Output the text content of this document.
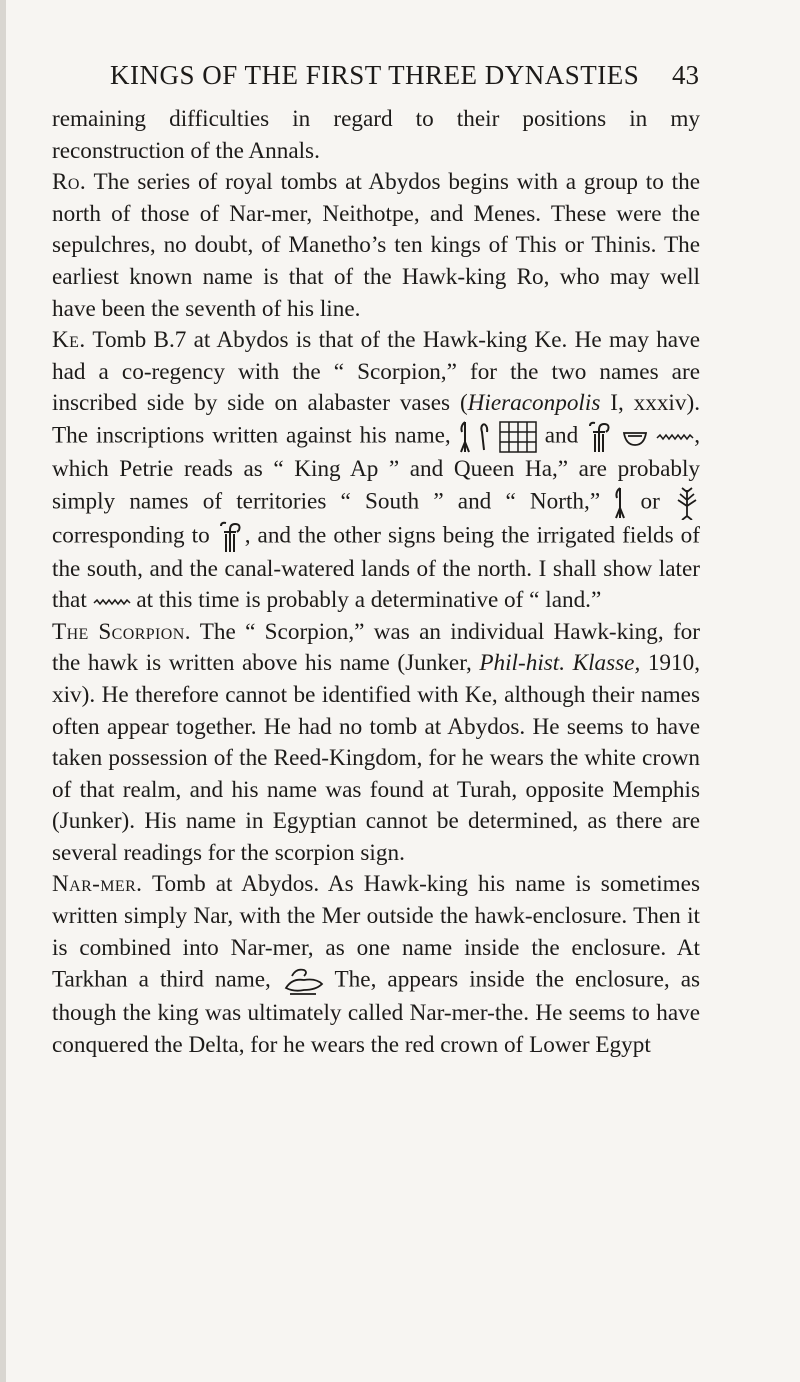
KINGS OF THE FIRST THREE DYNASTIES 43

remaining difficulties in regard to their positions in my reconstruction of the Annals.

Ro. The series of royal tombs at Abydos begins with a group to the north of those of Nar-mer, Neithotpe, and Menes. These were the sepulchres, no doubt, of Manetho’s ten kings of This or Thinis. The earliest known name is that of the Hawk-king Ro, who may well have been the seventh of his line.

Ke. Tomb B.7 at Abydos is that of the Hawk-king Ke. He may have had a co-regency with the “ Scorpion,” for the two names are inscribed side by side on alabaster vases (Hieraconpolis I, xxxiv). The inscriptions written against his name,

	and

	, which Petrie reads as “ King Ap ” and Queen Ha,” are probably simply names of territories “ South ” and “ North,” or
corresponding to , and the other signs being the irrigated fields of the south, and the canal-watered lands of the north. I shall show later that at this time is probably a determinative of “ land.”

The Scorpion. The “ Scorpion,” was an individual Hawk-king, for the hawk is written above his name (Junker, Phil-hist. Klasse, 1910, xiv). He therefore cannot be identified with Ke, although their names often appear together. He had no tomb at Abydos. He seems to have taken possession of the Reed-Kingdom, for he wears the white crown of that realm, and his name was found at Turah, opposite Memphis (Junker). His name in Egyptian cannot be determined, as there are several readings for the scorpion sign.

Nar-mer. Tomb at Abydos. As Hawk-king his name is sometimes written simply Nar, with the Mer outside the hawk-enclosure. Then it is combined into Nar-mer, as one name inside the enclosure. At Tarkhan a third name,	The, appears inside the enclosure, as though the king was ultimately called Nar-mer-the. He seems to have conquered the Delta, for he wears the red crown of Lower Egypt
